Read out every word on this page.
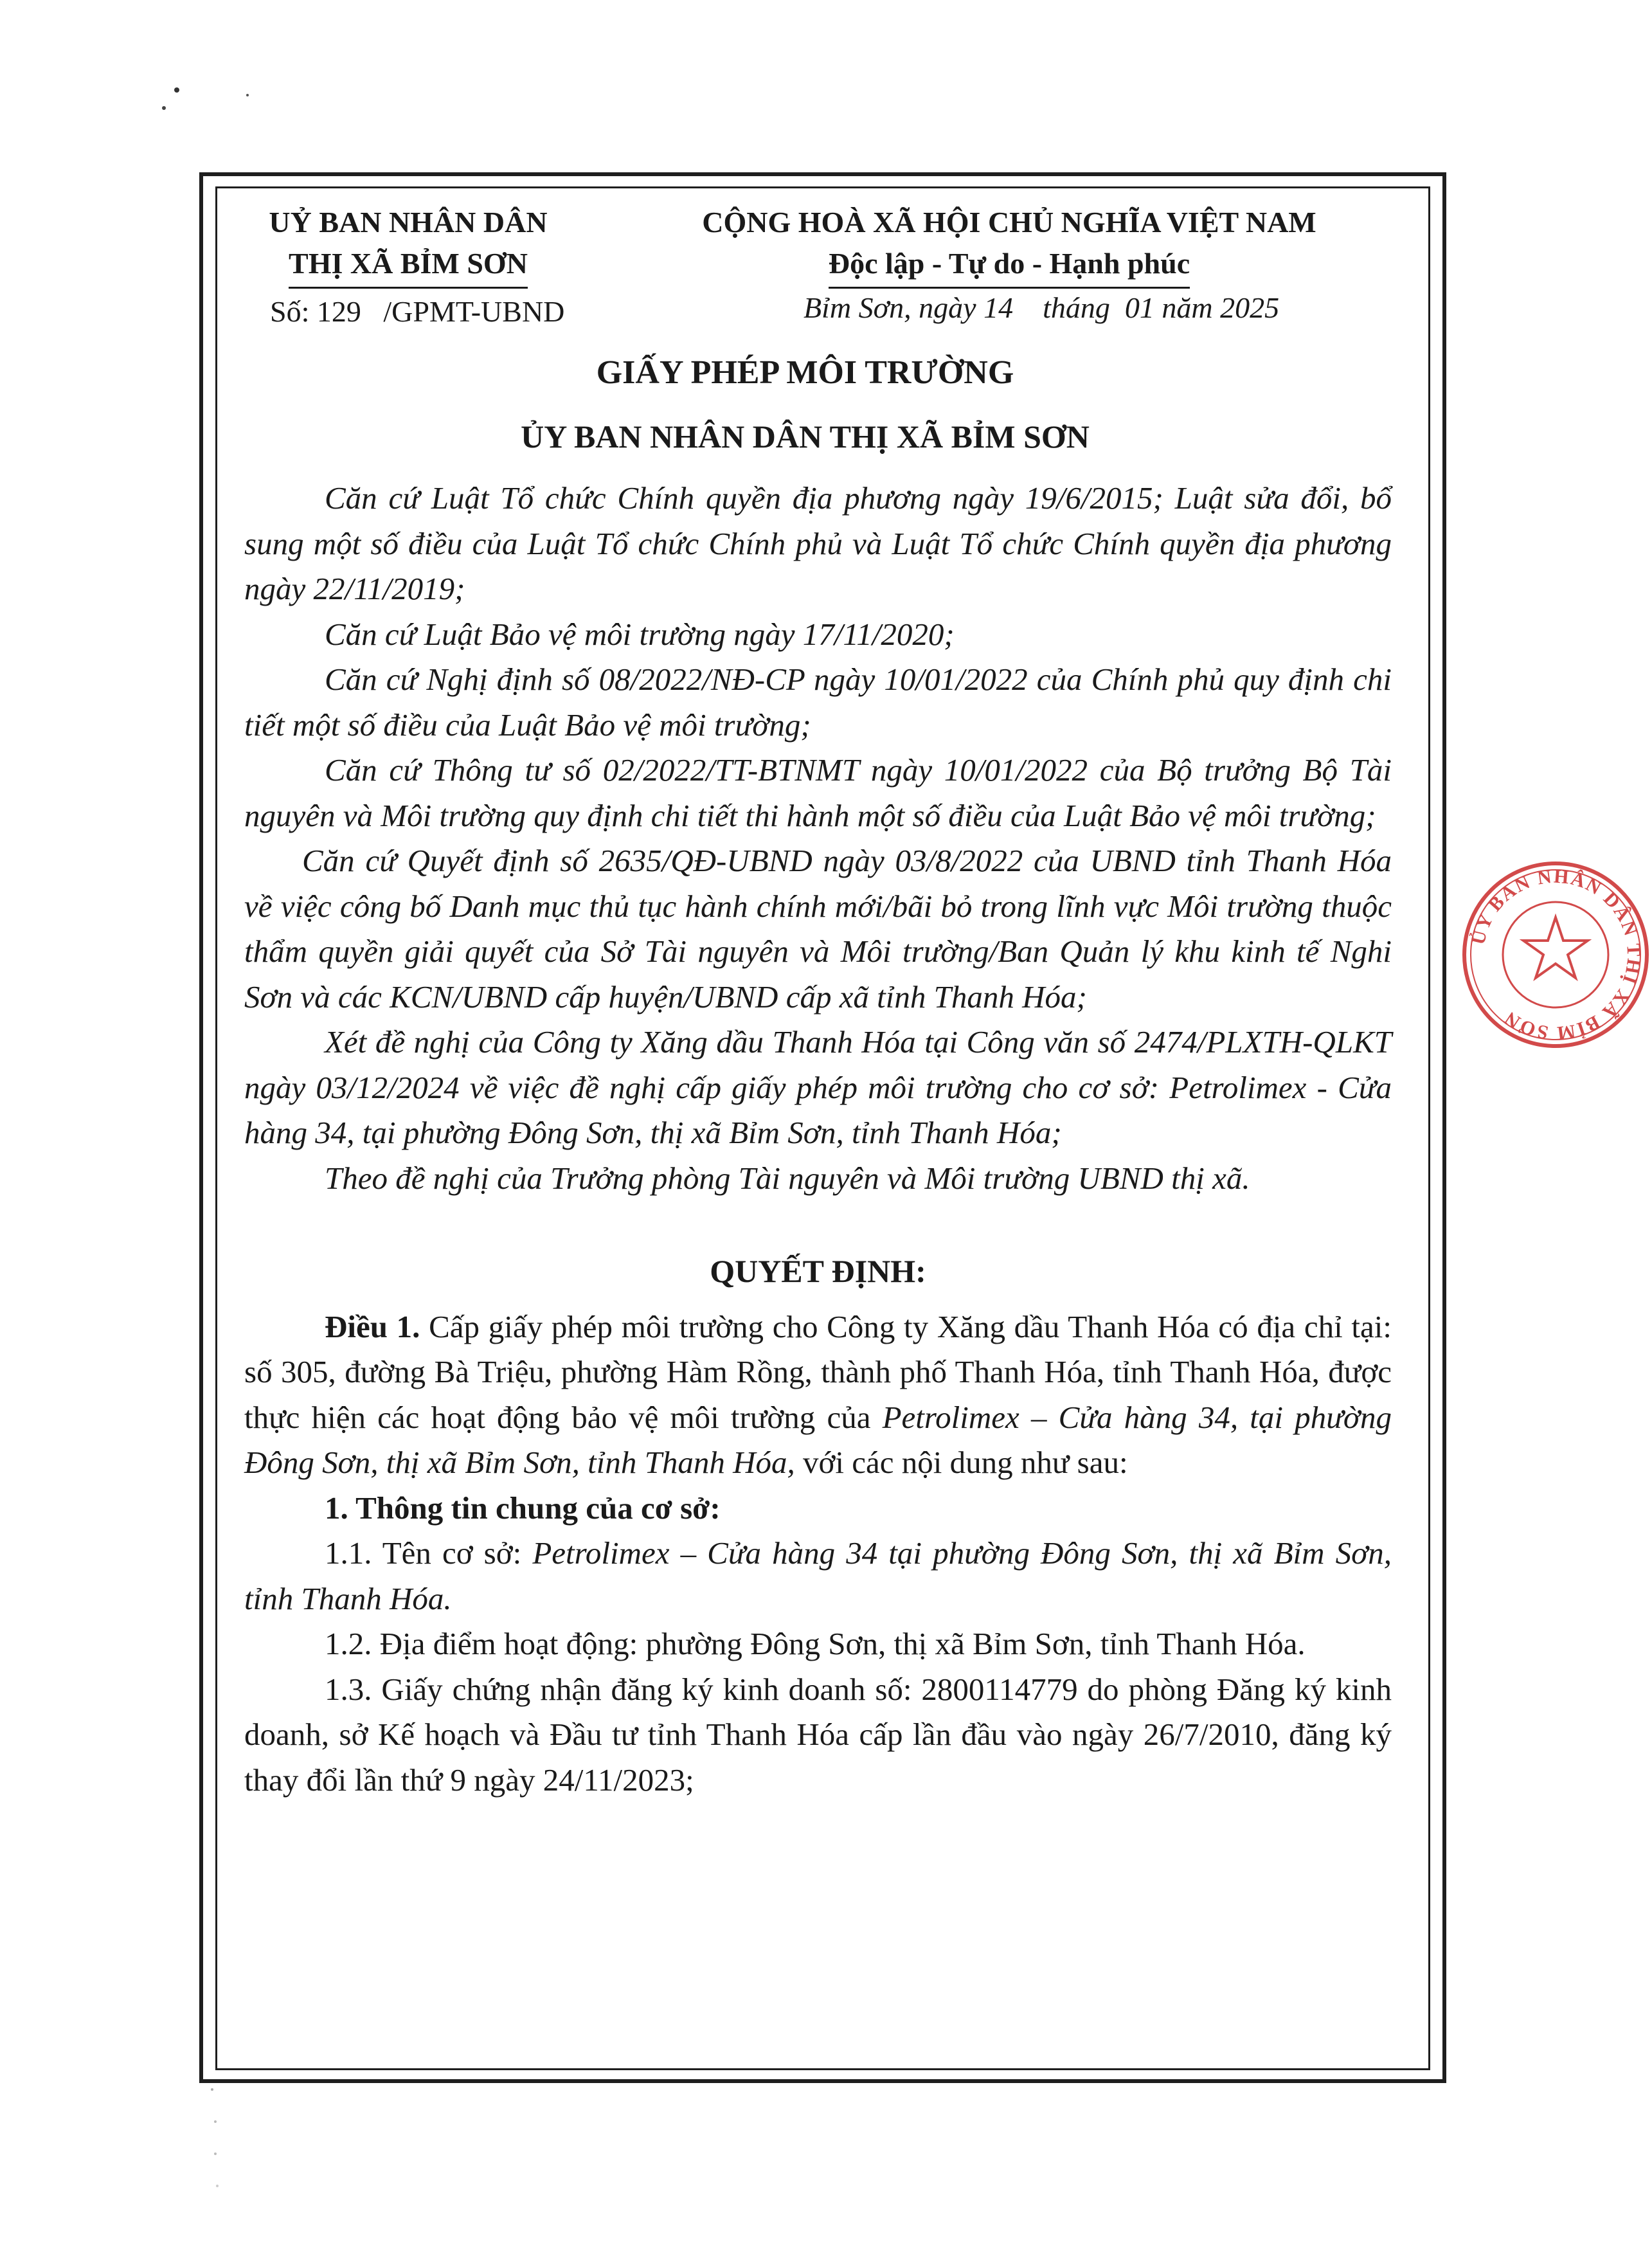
ỦY BAN NHÂN DÂN THỊ XÃ BỈM SƠN
UỶ BAN NHÂN DÂN
THỊ XÃ BỈM SƠN
CỘNG HOÀ XÃ HỘI CHỦ NGHĨA VIỆT NAM
Độc lập - Tự do - Hạnh phúc
Số: 129   /GPMT-UBND	Bỉm Sơn, ngày 14    tháng  01 năm 2025
GIẤY PHÉP MÔI TRƯỜNG
ỦY BAN NHÂN DÂN THỊ XÃ BỈM SƠN

Căn cứ Luật Tổ chức Chính quyền địa phương ngày 19/6/2015; Luật sửa đổi, bổ sung một số điều của Luật Tổ chức Chính phủ và Luật Tổ chức Chính quyền địa phương ngày 22/11/2019;

Căn cứ Luật Bảo vệ môi trường ngày 17/11/2020;

Căn cứ Nghị định số 08/2022/NĐ-CP ngày 10/01/2022 của Chính phủ quy định chi tiết một số điều của Luật Bảo vệ môi trường;

Căn cứ Thông tư số 02/2022/TT-BTNMT ngày 10/01/2022 của Bộ trưởng Bộ Tài nguyên và Môi trường quy định chi tiết thi hành một số điều của Luật Bảo vệ môi trường;

Căn cứ Quyết định số 2635/QĐ-UBND ngày 03/8/2022 của UBND tỉnh Thanh Hóa về việc công bố Danh mục thủ tục hành chính mới/bãi bỏ trong lĩnh vực Môi trường thuộc thẩm quyền giải quyết của Sở Tài nguyên và Môi trường/Ban Quản lý khu kinh tế Nghi Sơn và các KCN/UBND cấp huyện/UBND cấp xã tỉnh Thanh Hóa;

Xét đề nghị của Công ty Xăng dầu Thanh Hóa tại Công văn số 2474/PLXTH-QLKT ngày 03/12/2024 về việc đề nghị cấp giấy phép môi trường cho cơ sở: Petrolimex - Cửa hàng 34, tại phường Đông Sơn, thị xã Bỉm Sơn, tỉnh Thanh Hóa;

Theo đề nghị của Trưởng phòng Tài nguyên và Môi trường UBND thị xã.

QUYẾT ĐỊNH:

Điều 1. Cấp giấy phép môi trường cho Công ty Xăng dầu Thanh Hóa có địa chỉ tại: số 305, đường Bà Triệu, phường Hàm Rồng, thành phố Thanh Hóa, tỉnh Thanh Hóa, được thực hiện các hoạt động bảo vệ môi trường của Petrolimex – Cửa hàng 34, tại phường Đông Sơn, thị xã Bỉm Sơn, tỉnh Thanh Hóa, với các nội dung như sau:

1. Thông tin chung của cơ sở:

1.1. Tên cơ sở: Petrolimex – Cửa hàng 34 tại phường Đông Sơn, thị xã Bỉm Sơn, tỉnh Thanh Hóa.

1.2. Địa điểm hoạt động: phường Đông Sơn, thị xã Bỉm Sơn, tỉnh Thanh Hóa.

1.3. Giấy chứng nhận đăng ký kinh doanh số: 2800114779 do phòng Đăng ký kinh doanh, sở Kế hoạch và Đầu tư tỉnh Thanh Hóa cấp lần đầu vào ngày 26/7/2010, đăng ký thay đổi lần thứ 9 ngày 24/11/2023;
